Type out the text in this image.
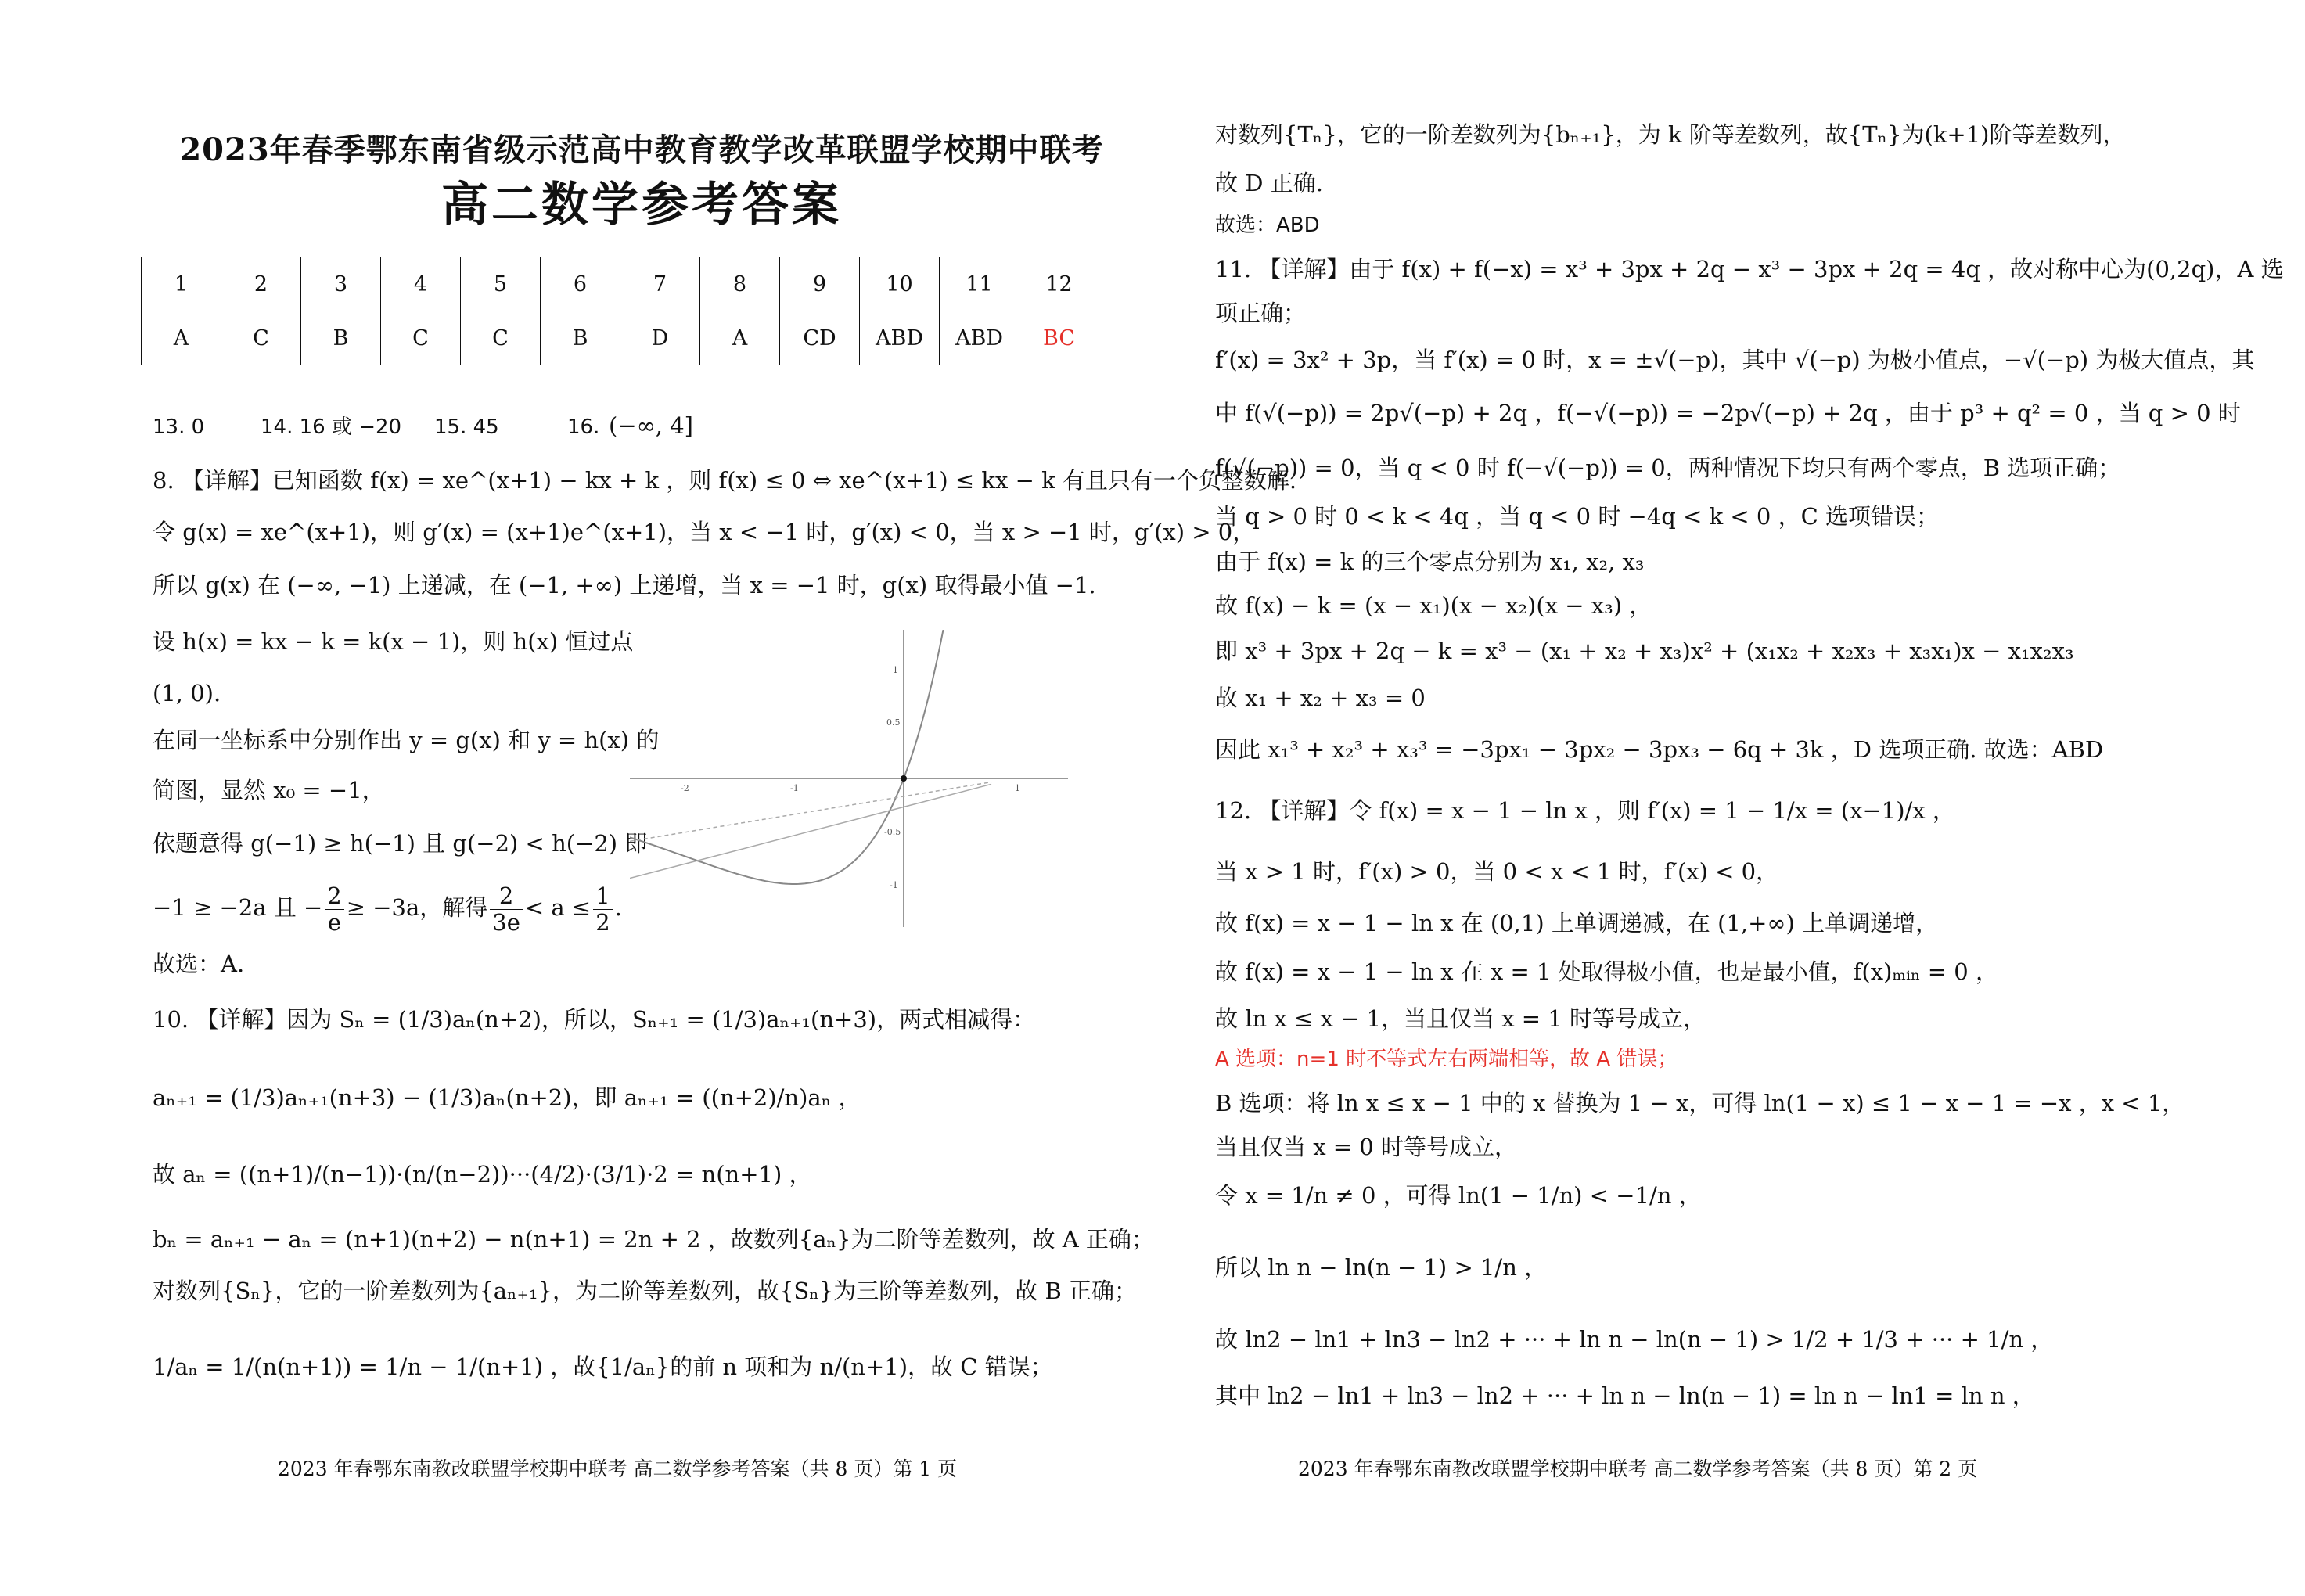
2023年春季鄂东南省级示范高中教育教学改革联盟学校期中联考
高二数学参考答案
1	2	3	4	5	6	7	8	9	10	11	12
A	C	B	C	C	B	D	A	CD	ABD	ABD	BC
13. 0	14. 16 或 −20 15. 45	16. (−∞, 4]
8. 【详解】已知函数 f(x) = xe^(x+1) − kx + k ，则 f(x) ≤ 0 ⇔ xe^(x+1) ≤ kx − k 有且只有一个负整数解.
令 g(x) = xe^(x+1)，则 g′(x) = (x+1)e^(x+1)，当 x < −1 时，g′(x) < 0，当 x > −1 时，g′(x) > 0，
所以 g(x) 在 (−∞, −1) 上递减，在 (−1, +∞) 上递增，当 x = −1 时，g(x) 取得最小值 −1.
设 h(x) = kx − k = k(x − 1)，则 h(x) 恒过点
(1, 0).
在同一坐标系中分别作出 y = g(x) 和 y = h(x) 的
简图，显然 x₀ = −1，
依题意得 g(−1) ≥ h(−1) 且 g(−2) < h(−2) 即
−1 ≥ −2a 且 − $\frac{2}{e} \ge -3a$，解得 $\frac{2}{3e} < a \le \frac{1}{2}$ .
故选：A.
-2	-1	1
1
0.5
-0.5
-1
10. 【详解】因为 Sₙ = (1/3)aₙ(n+2)，所以，Sₙ₊₁ = (1/3)aₙ₊₁(n+3)，两式相减得：
aₙ₊₁ = (1/3)aₙ₊₁(n+3) − (1/3)aₙ(n+2)，即 aₙ₊₁ = ((n+2)/n)aₙ ，
故 aₙ = ((n+1)/(n−1))·(n/(n−2))···(4/2)·(3/1)·2 = n(n+1) ，
bₙ = aₙ₊₁ − aₙ = (n+1)(n+2) − n(n+1) = 2n + 2 ，故数列{aₙ}为二阶等差数列，故 A 正确；
对数列{Sₙ}，它的一阶差数列为{aₙ₊₁}，为二阶等差数列，故{Sₙ}为三阶等差数列，故 B 正确；
1/aₙ = 1/(n(n+1)) = 1/n − 1/(n+1) ，故{1/aₙ}的前 n 项和为 n/(n+1)，故 C 错误；
2023 年春鄂东南教改联盟学校期中联考 高二数学参考答案（共 8 页）第 1 页
对数列{Tₙ}，它的一阶差数列为{bₙ₊₁}，为 k 阶等差数列，故{Tₙ}为(k+1)阶等差数列，
故 D 正确.
故选：ABD
11. 【详解】由于 f(x) + f(−x) = x³ + 3px + 2q − x³ − 3px + 2q = 4q ，故对称中心为(0,2q)，A 选
项正确；
f′(x) = 3x² + 3p，当 f′(x) = 0 时，x = ±√(−p)，其中 √(−p) 为极小值点，−√(−p) 为极大值点，其
中 f(√(−p)) = 2p√(−p) + 2q ，f(−√(−p)) = −2p√(−p) + 2q ，由于 p³ + q² = 0 ，当 q > 0 时
f(√(−p)) = 0，当 q < 0 时 f(−√(−p)) = 0，两种情况下均只有两个零点，B 选项正确；
当 q > 0 时 0 < k < 4q ，当 q < 0 时 −4q < k < 0 ，C 选项错误；
由于 f(x) = k 的三个零点分别为 x₁, x₂, x₃
故 f(x) − k = (x − x₁)(x − x₂)(x − x₃) ，
即 x³ + 3px + 2q − k = x³ − (x₁ + x₂ + x₃)x² + (x₁x₂ + x₂x₃ + x₃x₁)x − x₁x₂x₃
故 x₁ + x₂ + x₃ = 0
因此 x₁³ + x₂³ + x₃³ = −3px₁ − 3px₂ − 3px₃ − 6q + 3k ，D 选项正确. 故选：ABD
12. 【详解】令 f(x) = x − 1 − ln x ，则 f′(x) = 1 − 1/x = (x−1)/x ，
当 x > 1 时，f′(x) > 0，当 0 < x < 1 时，f′(x) < 0，
故 f(x) = x − 1 − ln x 在 (0,1) 上单调递减，在 (1,+∞) 上单调递增，
故 f(x) = x − 1 − ln x 在 x = 1 处取得极小值，也是最小值，f(x)ₘᵢₙ = 0 ，
故 ln x ≤ x − 1，当且仅当 x = 1 时等号成立，
A 选项：n=1 时不等式左右两端相等，故 A 错误；
B 选项：将 ln x ≤ x − 1 中的 x 替换为 1 − x，可得 ln(1 − x) ≤ 1 − x − 1 = −x ，x < 1，
当且仅当 x = 0 时等号成立，
令 x = 1/n ≠ 0 ，可得 ln(1 − 1/n) < −1/n ，
所以 ln n − ln(n − 1) > 1/n ，
故 ln2 − ln1 + ln3 − ln2 + ··· + ln n − ln(n − 1) > 1/2 + 1/3 + ··· + 1/n ，
其中 ln2 − ln1 + ln3 − ln2 + ··· + ln n − ln(n − 1) = ln n − ln1 = ln n ，
2023 年春鄂东南教改联盟学校期中联考 高二数学参考答案（共 8 页）第 2 页
